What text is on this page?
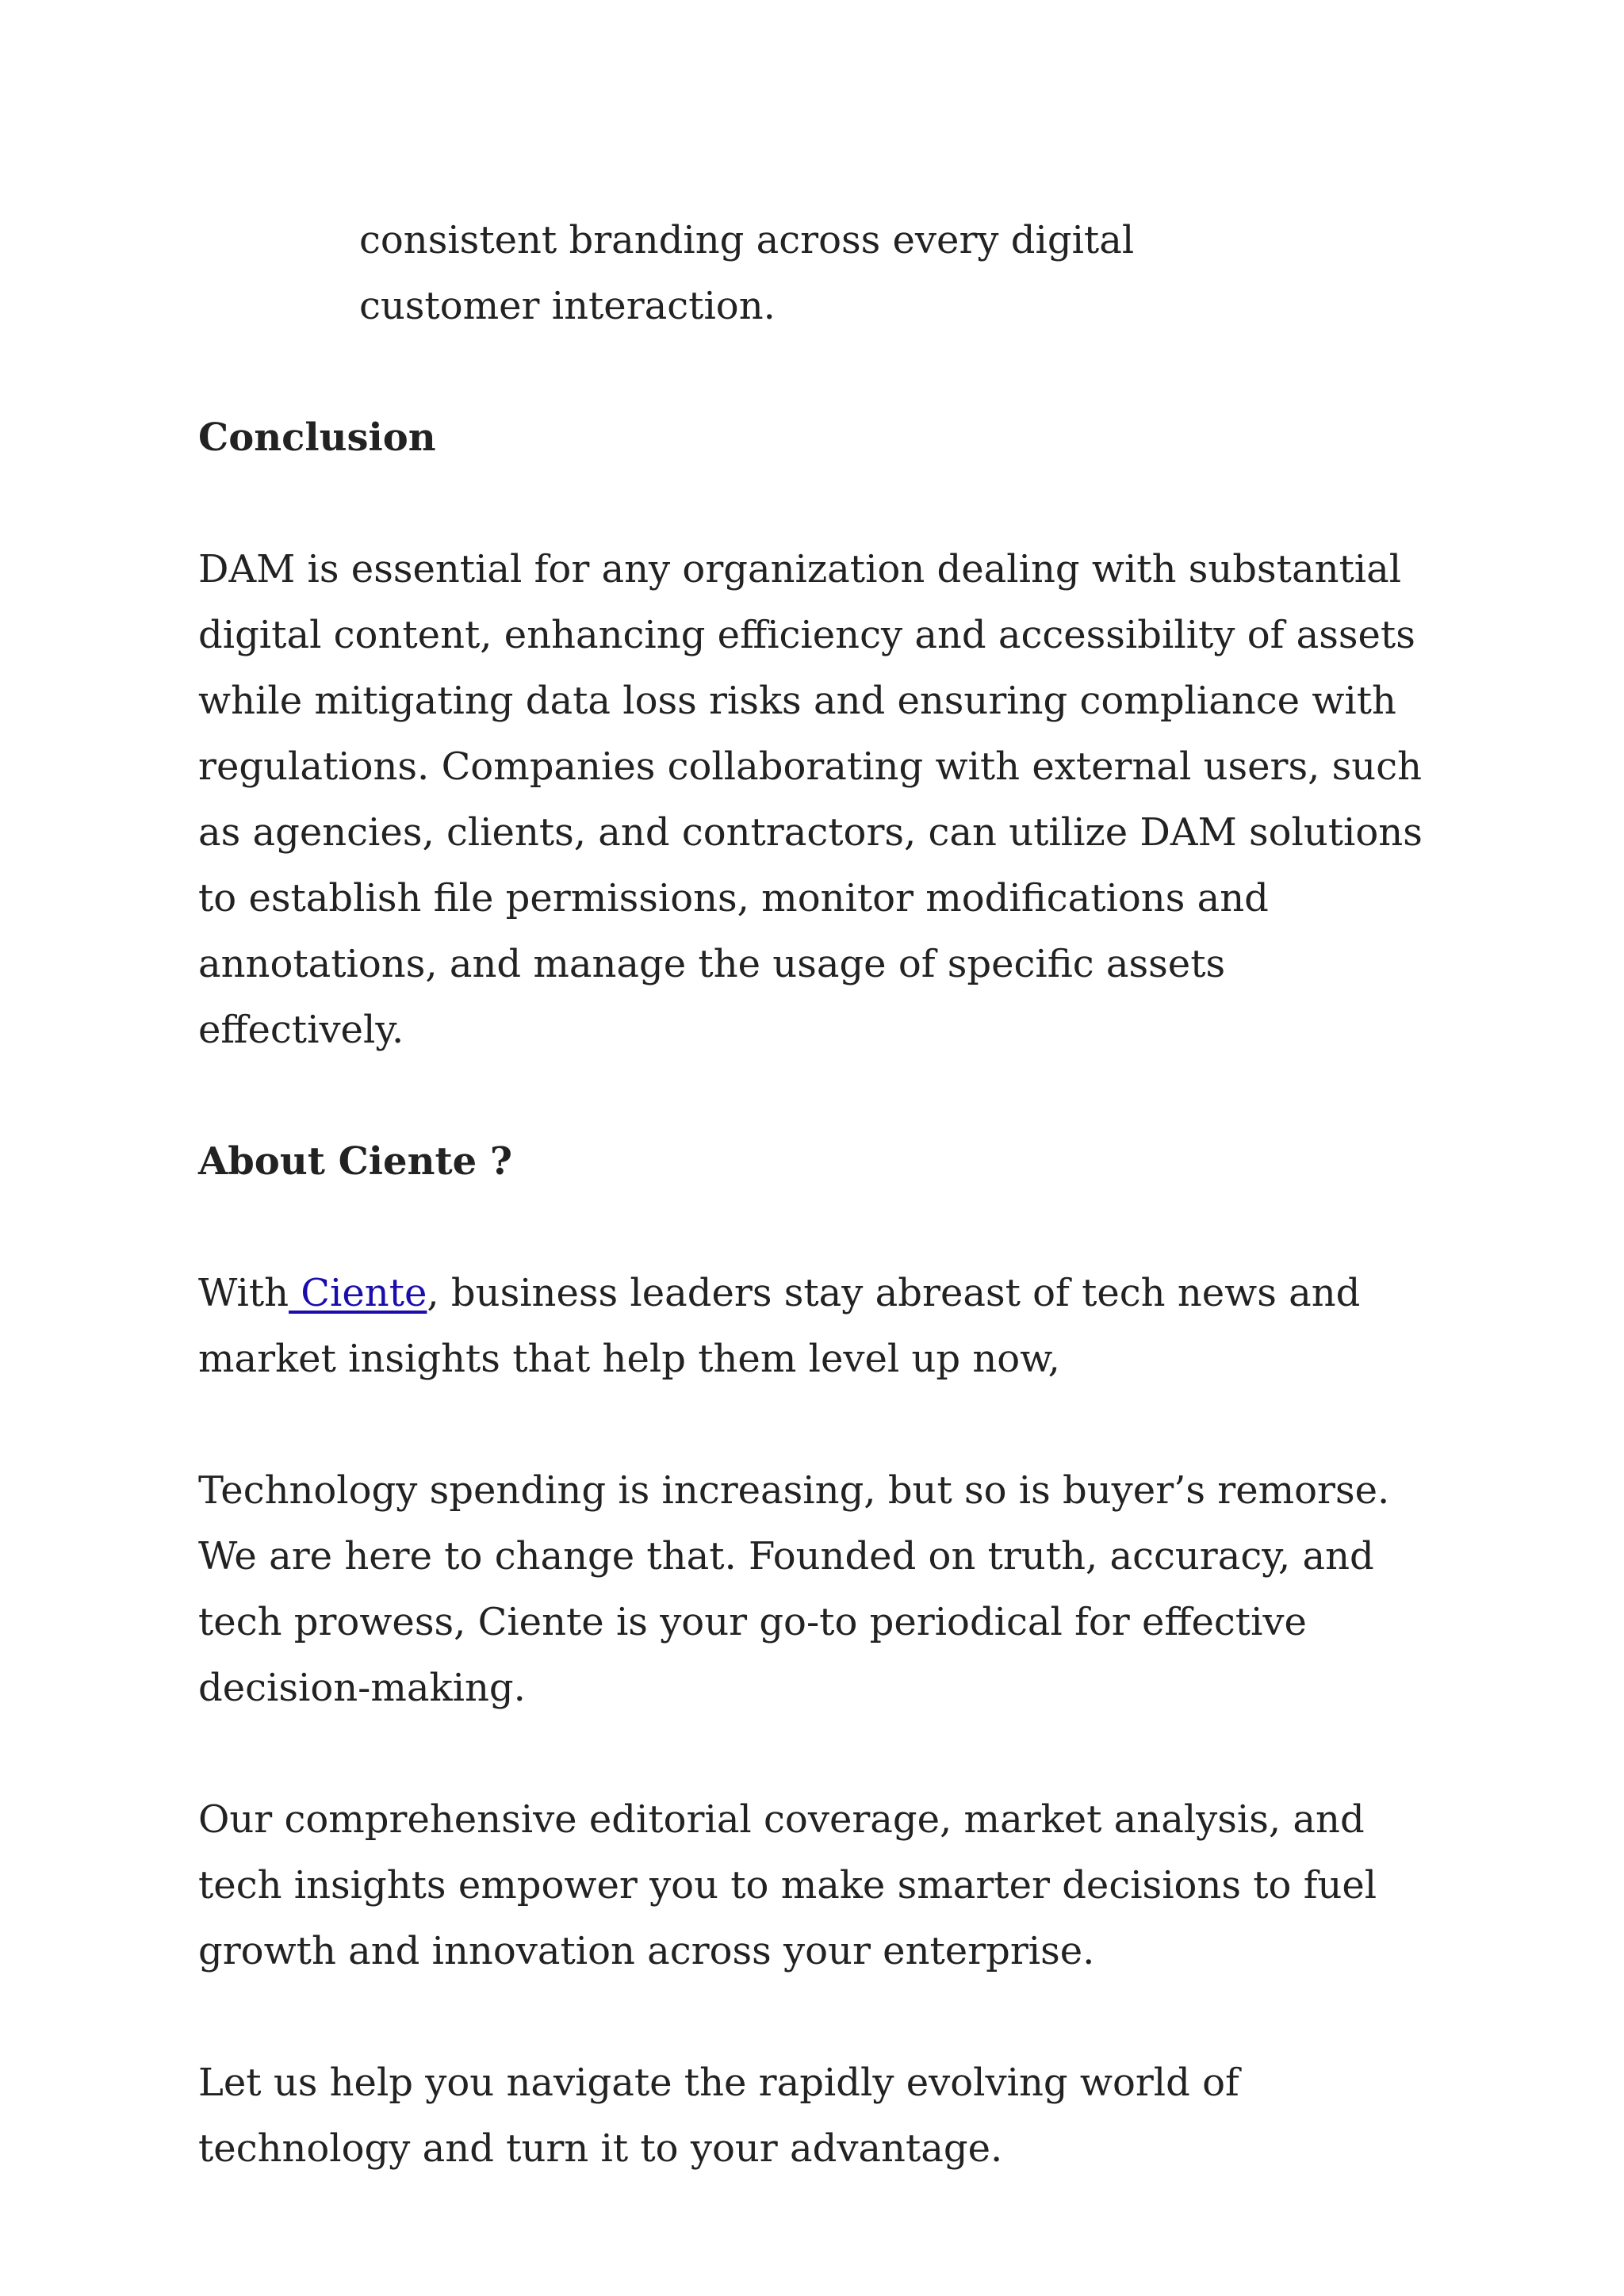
consistent branding across every digital customer interaction.

Conclusion

DAM is essential for any organization dealing with substantial digital content, enhancing efficiency and accessibility of assets while mitigating data loss risks and ensuring compliance with regulations. Companies collaborating with external users, such as agencies, clients, and contractors, can utilize DAM solutions to establish file permissions, monitor modifications and annotations, and manage the usage of specific assets effectively.

About Ciente ?

With Ciente, business leaders stay abreast of tech news and market insights that help them level up now,

Technology spending is increasing, but so is buyer’s remorse. We are here to change that. Founded on truth, accuracy, and tech prowess, Ciente is your go-to periodical for effective decision-making.

Our comprehensive editorial coverage, market analysis, and tech insights empower you to make smarter decisions to fuel growth and innovation across your enterprise.

Let us help you navigate the rapidly evolving world of technology and turn it to your advantage.
